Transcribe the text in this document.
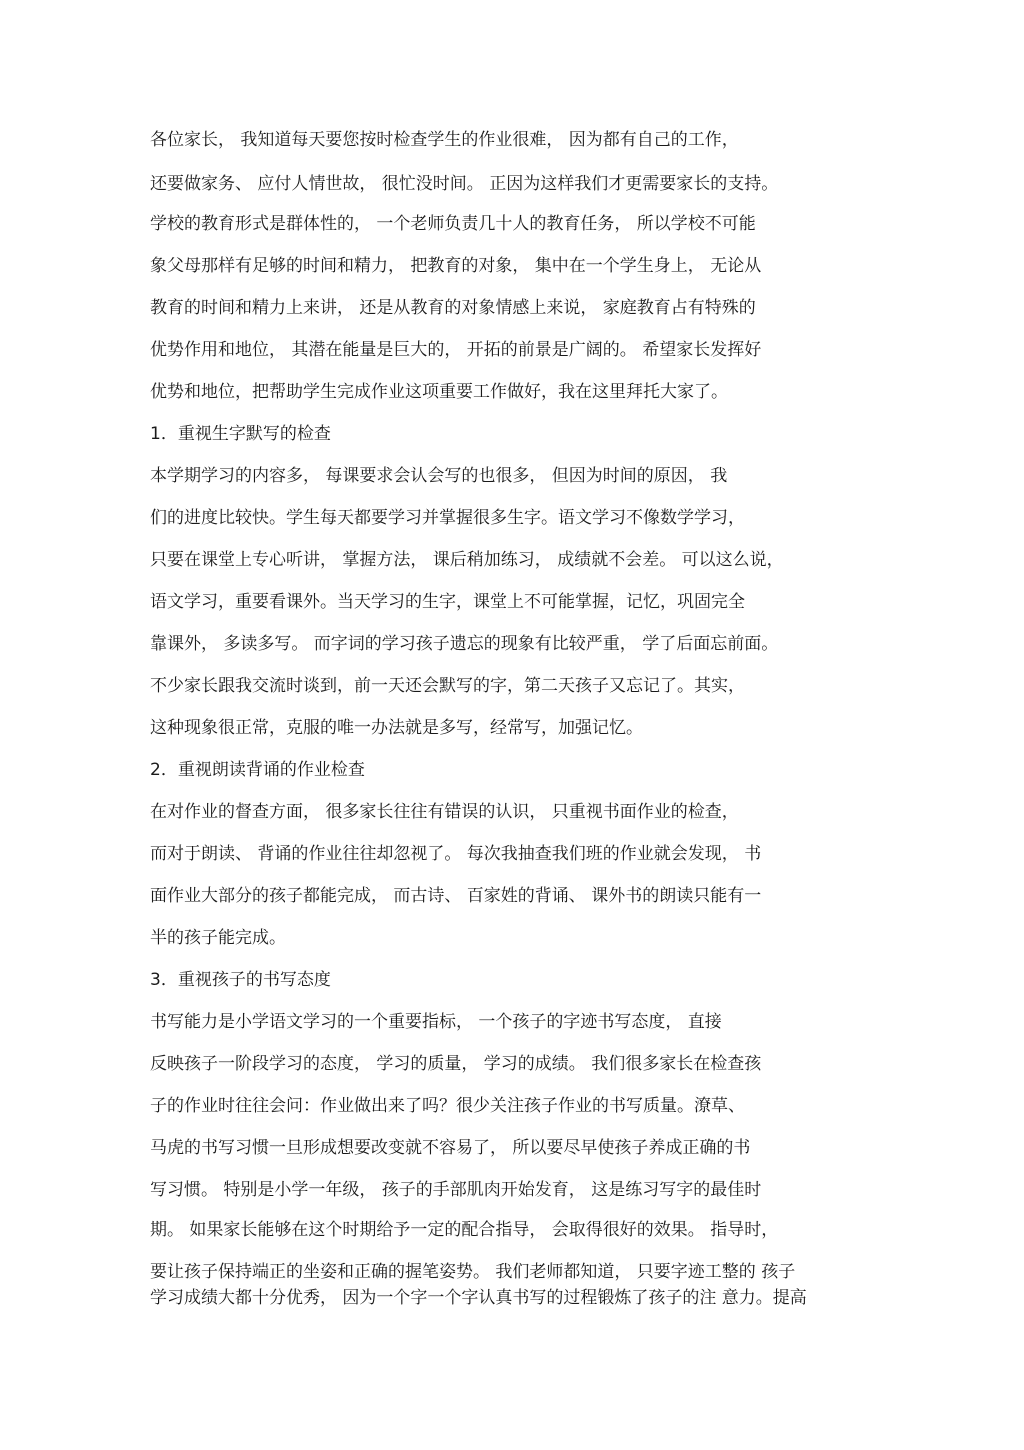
各位家长， 我知道每天要您按时检查学生的作业很难， 因为都有自己的工作，
还要做家务、 应付人情世故， 很忙没时间。 正因为这样我们才更需要家长的支持。
学校的教育形式是群体性的， 一个老师负责几十人的教育任务， 所以学校不可能
象父母那样有足够的时间和精力， 把教育的对象， 集中在一个学生身上， 无论从
教育的时间和精力上来讲， 还是从教育的对象情感上来说， 家庭教育占有特殊的
优势作用和地位， 其潜在能量是巨大的， 开拓的前景是广阔的。 希望家长发挥好
优势和地位，把帮助学生完成作业这项重要工作做好，我在这里拜托大家了。
1．重视生字默写的检查
本学期学习的内容多， 每课要求会认会写的也很多， 但因为时间的原因， 我
们的进度比较快。学生每天都要学习并掌握很多生字。语文学习不像数学学习，
只要在课堂上专心听讲， 掌握方法， 课后稍加练习， 成绩就不会差。 可以这么说，
语文学习，重要看课外。当天学习的生字，课堂上不可能掌握，记忆，巩固完全
靠课外， 多读多写。 而字词的学习孩子遗忘的现象有比较严重， 学了后面忘前面。
不少家长跟我交流时谈到，前一天还会默写的字，第二天孩子又忘记了。其实，
这种现象很正常，克服的唯一办法就是多写，经常写，加强记忆。
2．重视朗读背诵的作业检查
在对作业的督查方面， 很多家长往往有错误的认识， 只重视书面作业的检查，
而对于朗读、 背诵的作业往往却忽视了。 每次我抽查我们班的作业就会发现， 书
面作业大部分的孩子都能完成， 而古诗、 百家姓的背诵、 课外书的朗读只能有一
半的孩子能完成。
3．重视孩子的书写态度
书写能力是小学语文学习的一个重要指标， 一个孩子的字迹书写态度， 直接
反映孩子一阶段学习的态度， 学习的质量， 学习的成绩。 我们很多家长在检查孩
子的作业时往往会问：作业做出来了吗？很少关注孩子作业的书写质量。潦草、
马虎的书写习惯一旦形成想要改变就不容易了， 所以要尽早使孩子养成正确的书
写习惯。 特别是小学一年级， 孩子的手部肌肉开始发育， 这是练习写字的最佳时
期。 如果家长能够在这个时期给予一定的配合指导， 会取得很好的效果。 指导时，
要让孩子保持端正的坐姿和正确的握笔姿势。 我们老师都知道， 只要字迹工整的 孩子
学习成绩大都十分优秀， 因为一个字一个字认真书写的过程锻炼了孩子的注 意力。提高
